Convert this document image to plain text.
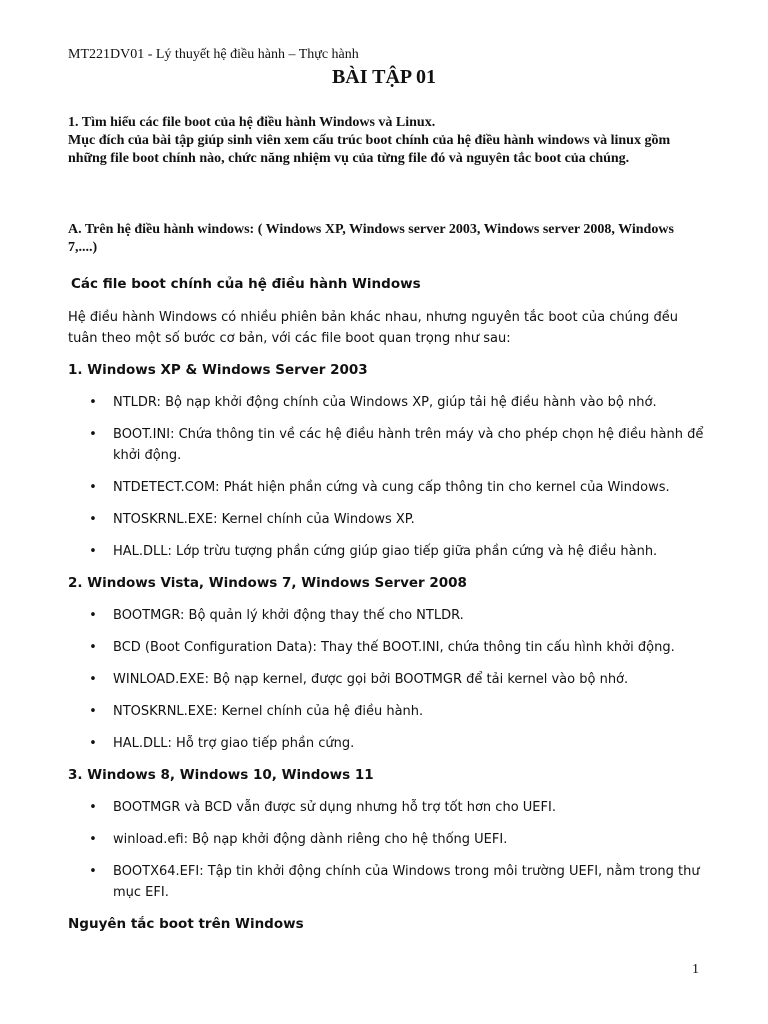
MT221DV01 - Lý thuyết hệ điều hành – Thực hành
BÀI TẬP 01

1. Tìm hiểu các file boot của hệ điều hành Windows và Linux.

Mục đích của bài tập giúp sinh viên xem cấu trúc boot chính của hệ điều hành windows và linux gồm những file boot chính nào, chức năng nhiệm vụ của từng file đó và nguyên tắc boot của chúng.

A. Trên hệ điều hành windows: ( Windows XP, Windows server 2003, Windows server 2008, Windows 7,....)

Các file boot chính của hệ điều hành Windows

Hệ điều hành Windows có nhiều phiên bản khác nhau, nhưng nguyên tắc boot của chúng đều tuân theo một số bước cơ bản, với các file boot quan trọng như sau:

1. Windows XP & Windows Server 2003
• NTLDR: Bộ nạp khởi động chính của Windows XP, giúp tải hệ điều hành vào bộ nhớ.
• BOOT.INI: Chứa thông tin về các hệ điều hành trên máy và cho phép chọn hệ điều hành để khởi động.
• NTDETECT.COM: Phát hiện phần cứng và cung cấp thông tin cho kernel của Windows.
• NTOSKRNL.EXE: Kernel chính của Windows XP.
• HAL.DLL: Lớp trừu tượng phần cứng giúp giao tiếp giữa phần cứng và hệ điều hành.
2. Windows Vista, Windows 7, Windows Server 2008
• BOOTMGR: Bộ quản lý khởi động thay thế cho NTLDR.
• BCD (Boot Configuration Data): Thay thế BOOT.INI, chứa thông tin cấu hình khởi động.
• WINLOAD.EXE: Bộ nạp kernel, được gọi bởi BOOTMGR để tải kernel vào bộ nhớ.
• NTOSKRNL.EXE: Kernel chính của hệ điều hành.
• HAL.DLL: Hỗ trợ giao tiếp phần cứng.
3. Windows 8, Windows 10, Windows 11
• BOOTMGR và BCD vẫn được sử dụng nhưng hỗ trợ tốt hơn cho UEFI.
• winload.efi: Bộ nạp khởi động dành riêng cho hệ thống UEFI.
• BOOTX64.EFI: Tập tin khởi động chính của Windows trong môi trường UEFI, nằm trong thư mục EFI.
Nguyên tắc boot trên Windows
1
